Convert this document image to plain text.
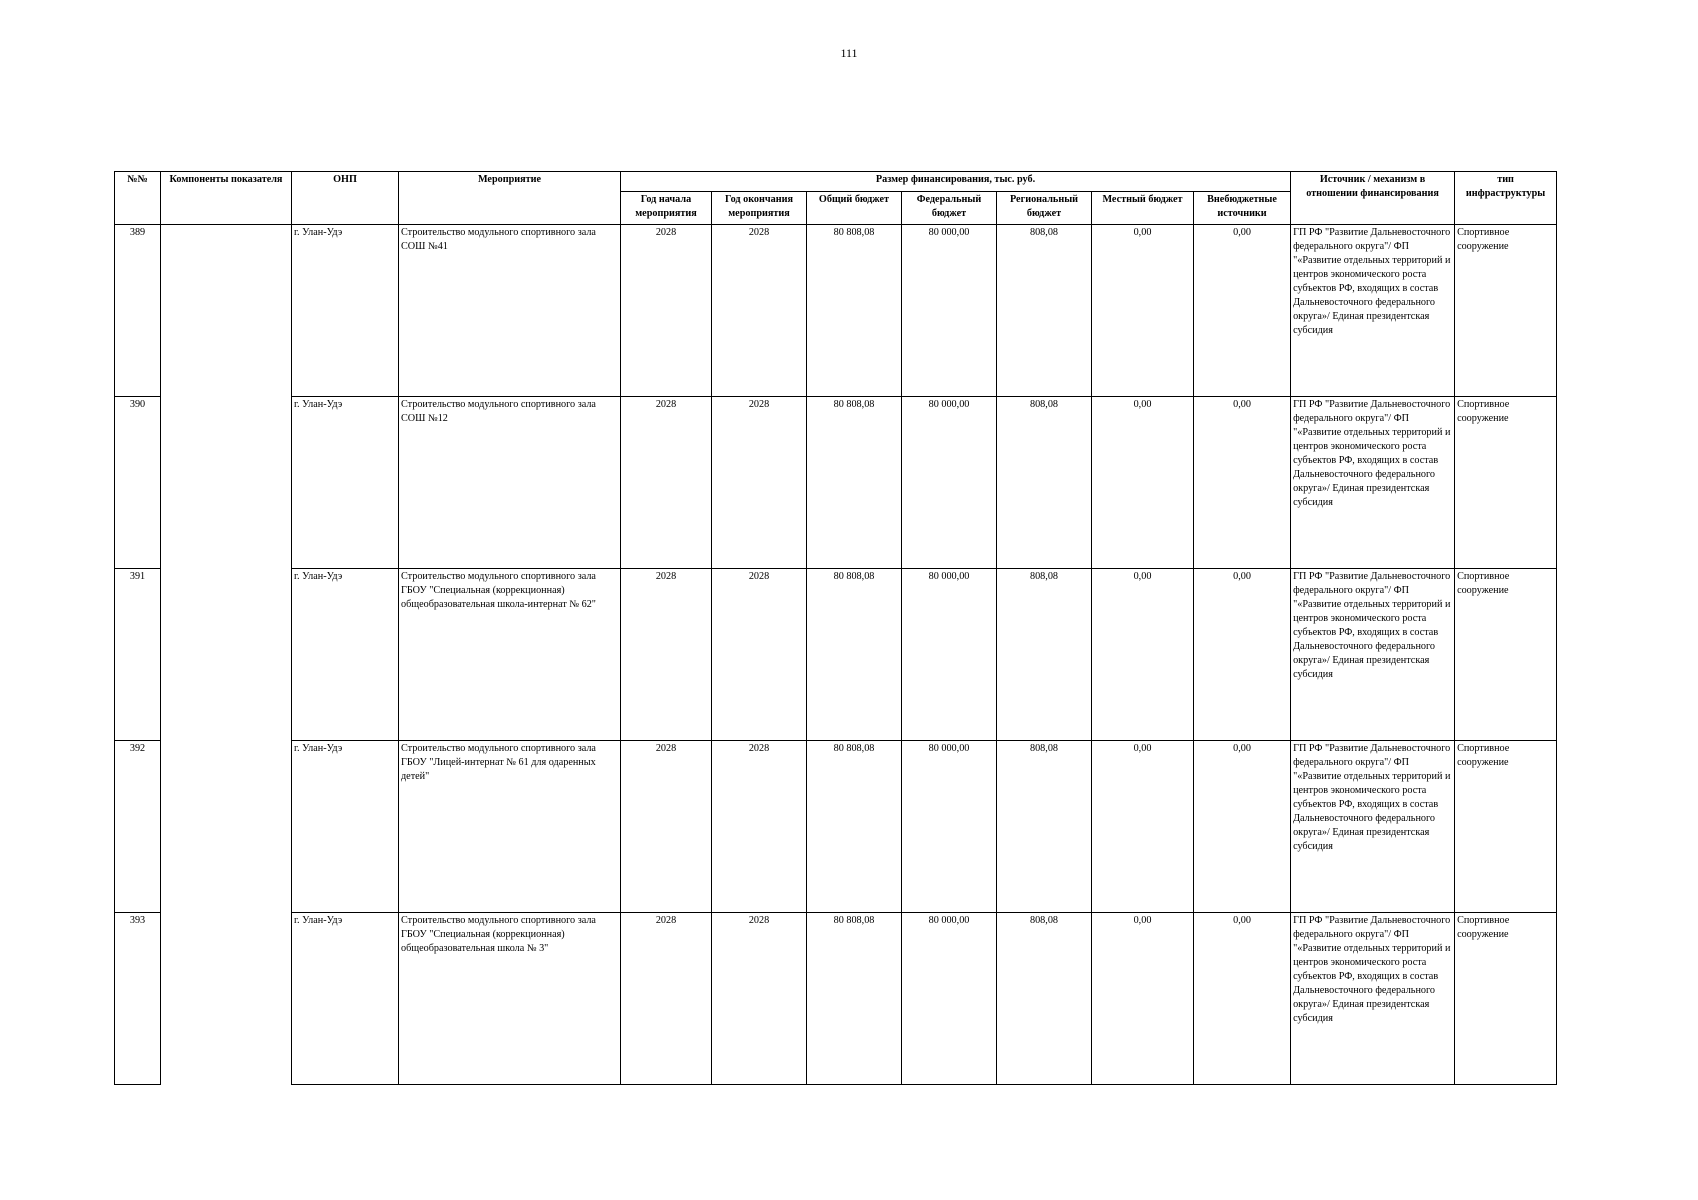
111
№№	Компоненты показателя	ОНП	Мероприятие	Размер финансирования, тыс. руб.							Источник / механизм в отношении финансирования	тип инфраструктуры
				Год начала мероприятия	Год окончания мероприятия	Общий бюджет	Федеральный бюджет	Региональный бюджет	Местный бюджет	Внебюджетные источники		
389		г. Улан-Удэ	Строительство модульного спортивного зала СОШ №41	2028	2028	80 808,08	80 000,00	808,08	0,00	0,00	ГП РФ "Развитие Дальневосточного федерального округа"/ ФП "«Развитие отдельных территорий и центров экономического роста субъектов РФ, входящих в состав Дальневосточного федерального округа»/ Единая президентская субсидия	Спортивное сооружение
390		г. Улан-Удэ	Строительство модульного спортивного зала СОШ №12	2028	2028	80 808,08	80 000,00	808,08	0,00	0,00	ГП РФ "Развитие Дальневосточного федерального округа"/ ФП "«Развитие отдельных территорий и центров экономического роста субъектов РФ, входящих в состав Дальневосточного федерального округа»/ Единая президентская субсидия	Спортивное сооружение
391		г. Улан-Удэ	Строительство модульного спортивного зала ГБОУ "Специальная (коррекционная) общеобразовательная школа-интернат № 62"	2028	2028	80 808,08	80 000,00	808,08	0,00	0,00	ГП РФ "Развитие Дальневосточного федерального округа"/ ФП "«Развитие отдельных территорий и центров экономического роста субъектов РФ, входящих в состав Дальневосточного федерального округа»/ Единая президентская субсидия	Спортивное сооружение
392		г. Улан-Удэ	Строительство модульного спортивного зала ГБОУ "Лицей-интернат № 61 для одаренных детей"	2028	2028	80 808,08	80 000,00	808,08	0,00	0,00	ГП РФ "Развитие Дальневосточного федерального округа"/ ФП "«Развитие отдельных территорий и центров экономического роста субъектов РФ, входящих в состав Дальневосточного федерального округа»/ Единая президентская субсидия	Спортивное сооружение
393		г. Улан-Удэ	Строительство модульного спортивного зала ГБОУ "Специальная (коррекционная) общеобразовательная школа № 3"	2028	2028	80 808,08	80 000,00	808,08	0,00	0,00	ГП РФ "Развитие Дальневосточного федерального округа"/ ФП "«Развитие отдельных территорий и центров экономического роста субъектов РФ, входящих в состав Дальневосточного федерального округа»/ Единая президентская субсидия	Спортивное сооружение
